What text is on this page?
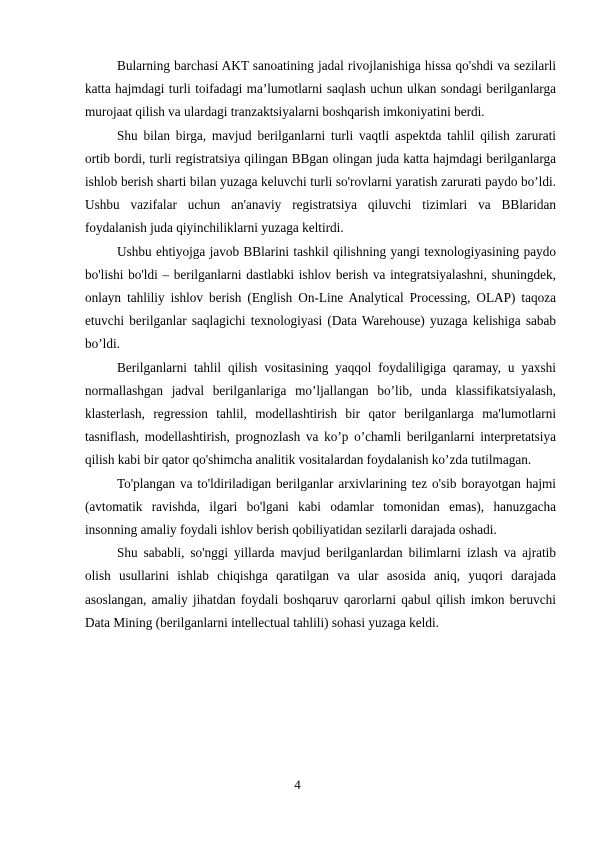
Bularning barchasi AKT sanoatining jadal rivojlanishiga hissa qo'shdi va sezilarli katta hajmdagi turli toifadagi ma’lumotlarni saqlash uchun ulkan sondagi berilganlarga murojaat qilish va ulardagi tranzaktsiyalarni boshqarish imkoniyatini berdi.

Shu bilan birga, mavjud berilganlarni turli vaqtli aspektda tahlil qilish zarurati ortib bordi, turli registratsiya qilingan BBgan olingan juda katta hajmdagi berilganlarga ishlob berish sharti bilan yuzaga keluvchi turli so'rovlarni yaratish zarurati paydo bo’ldi. Ushbu vazifalar uchun an'anaviy registratsiya qiluvchi tizimlari va BBlaridan foydalanish juda qiyinchiliklarni yuzaga keltirdi.

Ushbu ehtiyojga javob BBlarini tashkil qilishning yangi texnologiyasining paydo bo'lishi bo'ldi – berilganlarni dastlabki ishlov berish va integratsiyalashni, shuningdek, onlayn tahliliy ishlov berish (English On-Line Analytical Processing, OLAP) taqoza etuvchi berilganlar saqlagichi texnologiyasi (Data Warehouse) yuzaga kelishiga sabab bo’ldi.

Berilganlarni tahlil qilish vositasining yaqqol foydaliligiga qaramay, u yaxshi normallashgan jadval berilganlariga mo’ljallangan bo’lib, unda klassifikatsiyalash, klasterlash, regression tahlil, modellashtirish bir qator berilganlarga ma'lumotlarni tasniflash, modellashtirish, prognozlash va ko’p o’chamli berilganlarni interpretatsiya qilish kabi bir qator qo'shimcha analitik vositalardan foydalanish ko’zda tutilmagan.

To'plangan va to'ldiriladigan berilganlar arxivlarining tez o'sib borayotgan hajmi (avtomatik ravishda, ilgari bo'lgani kabi odamlar tomonidan emas), hanuzgacha insonning amaliy foydali ishlov berish qobiliyatidan sezilarli darajada oshadi.

Shu sababli, so'nggi yillarda mavjud berilganlardan bilimlarni izlash va ajratib olish usullarini ishlab chiqishga qaratilgan va ular asosida aniq, yuqori darajada asoslangan, amaliy jihatdan foydali boshqaruv qarorlarni qabul qilish imkon beruvchi Data Mining (berilganlarni intellectual tahlili) sohasi yuzaga keldi.

4
